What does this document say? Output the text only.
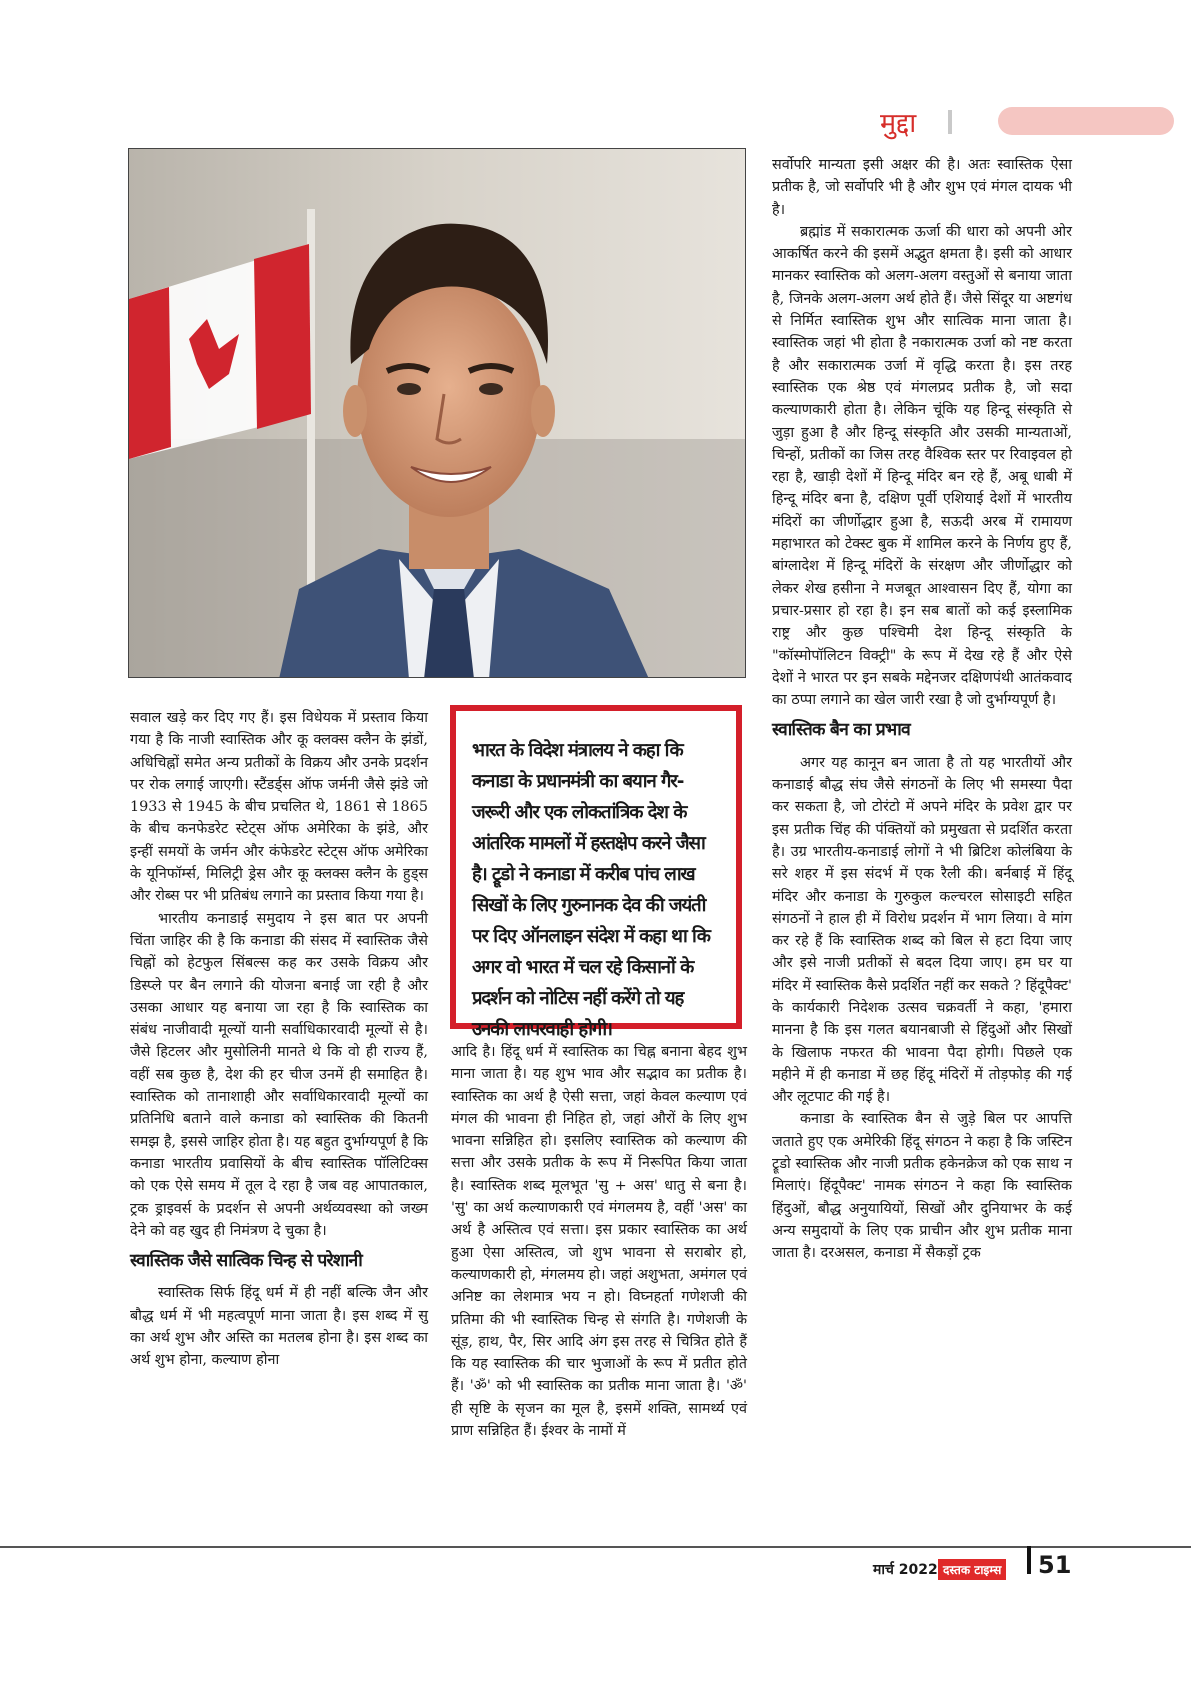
मुद्दा

सवाल खड़े कर दिए गए हैं। इस विधेयक में प्रस्ताव किया गया है कि नाजी स्वास्तिक और कू क्लक्स क्लैन के झंडों, अधिचिह्नों समेत अन्य प्रतीकों के विक्रय और उनके प्रदर्शन पर रोक लगाई जाएगी। स्टैंडर्ड्स ऑफ जर्मनी जैसे झंडे जो 1933 से 1945 के बीच प्रचलित थे, 1861 से 1865 के बीच कनफेडरेट स्टेट्स ऑफ अमेरिका के झंडे, और इन्हीं समयों के जर्मन और कंफेडरेट स्टेट्स ऑफ अमेरिका के यूनिफॉर्म्स, मिलिट्री ड्रेस और कू क्लक्स क्लैन के हुड्स और रोब्स पर भी प्रतिबंध लगाने का प्रस्ताव किया गया है।

भारतीय कनाडाई समुदाय ने इस बात पर अपनी चिंता जाहिर की है कि कनाडा की संसद में स्वास्तिक जैसे चिह्नों को हेटफुल सिंबल्स कह कर उसके विक्रय और डिस्प्ले पर बैन लगाने की योजना बनाई जा रही है और उसका आधार यह बनाया जा रहा है कि स्वास्तिक का संबंध नाजीवादी मूल्यों यानी सर्वाधिकारवादी मूल्यों से है। जैसे हिटलर और मुसोलिनी मानते थे कि वो ही राज्य हैं, वहीं सब कुछ है, देश की हर चीज उनमें ही समाहित है। स्वास्तिक को तानाशाही और सर्वाधिकारवादी मूल्यों का प्रतिनिधि बताने वाले कनाडा को स्वास्तिक की कितनी समझ है, इससे जाहिर होता है। यह बहुत दुर्भाग्यपूर्ण है कि कनाडा भारतीय प्रवासियों के बीच स्वास्तिक पॉलिटिक्स को एक ऐसे समय में तूल दे रहा है जब वह आपातकाल, ट्रक ड्राइवर्स के प्रदर्शन से अपनी अर्थव्यवस्था को जख्म देने को वह खुद ही निमंत्रण दे चुका है।

स्वास्तिक जैसे सात्विक चिन्ह से परेशानी

स्वास्तिक सिर्फ हिंदू धर्म में ही नहीं बल्कि जैन और बौद्ध धर्म में भी महत्वपूर्ण माना जाता है। इस शब्द में सु का अर्थ शुभ और अस्ति का मतलब होना है। इस शब्द का अर्थ शुभ होना, कल्याण होना

भारत के विदेश मंत्रालय ने कहा कि कनाडा के प्रधानमंत्री का बयान गैर-जरूरी और एक लोकतांत्रिक देश के आंतरिक मामलों में हस्तक्षेप करने जैसा है। ट्रूडो ने कनाडा में करीब पांच लाख सिखों के लिए गुरुनानक देव की जयंती पर दिए ऑनलाइन संदेश में कहा था कि अगर वो भारत में चल रहे किसानों के प्रदर्शन को नोटिस नहीं करेंगे तो यह उनकी लापरवाही होगी।

आदि है। हिंदू धर्म में स्वास्तिक का चिह्न बनाना बेहद शुभ माना जाता है। यह शुभ भाव और सद्भाव का प्रतीक है। स्वास्तिक का अर्थ है ऐसी सत्ता, जहां केवल कल्याण एवं मंगल की भावना ही निहित हो, जहां औरों के लिए शुभ भावना सन्निहित हो। इसलिए स्वास्तिक को कल्याण की सत्ता और उसके प्रतीक के रूप में निरूपित किया जाता है। स्वास्तिक शब्द मूलभूत 'सु + अस' धातु से बना है। 'सु' का अर्थ कल्याणकारी एवं मंगलमय है, वहीं 'अस' का अर्थ है अस्तित्व एवं सत्ता। इस प्रकार स्वास्तिक का अर्थ हुआ ऐसा अस्तित्व, जो शुभ भावना से सराबोर हो, कल्याणकारी हो, मंगलमय हो। जहां अशुभता, अमंगल एवं अनिष्ट का लेशमात्र भय न हो। विघ्नहर्ता गणेशजी की प्रतिमा की भी स्वास्तिक चिन्ह से संगति है। गणेशजी के सूंड़, हाथ, पैर, सिर आदि अंग इस तरह से चित्रित होते हैं कि यह स्वास्तिक की चार भुजाओं के रूप में प्रतीत होते हैं। 'ॐ' को भी स्वास्तिक का प्रतीक माना जाता है। 'ॐ' ही सृष्टि के सृजन का मूल है, इसमें शक्ति, सामर्थ्य एवं प्राण सन्निहित हैं। ईश्वर के नामों में

सर्वोपरि मान्यता इसी अक्षर की है। अतः स्वास्तिक ऐसा प्रतीक है, जो सर्वोपरि भी है और शुभ एवं मंगल दायक भी है।

ब्रह्मांड में सकारात्मक ऊर्जा की धारा को अपनी ओर आकर्षित करने की इसमें अद्भुत क्षमता है। इसी को आधार मानकर स्वास्तिक को अलग-अलग वस्तुओं से बनाया जाता है, जिनके अलग-अलग अर्थ होते हैं। जैसे सिंदूर या अष्टगंध से निर्मित स्वास्तिक शुभ और सात्विक माना जाता है। स्वास्तिक जहां भी होता है नकारात्मक उर्जा को नष्ट करता है और सकारात्मक उर्जा में वृद्धि करता है। इस तरह स्वास्तिक एक श्रेष्ठ एवं मंगलप्रद प्रतीक है, जो सदा कल्याणकारी होता है। लेकिन चूंकि यह हिन्दू संस्कृति से जुड़ा हुआ है और हिन्दू संस्कृति और उसकी मान्यताओं, चिन्हों, प्रतीकों का जिस तरह वैश्विक स्तर पर रिवाइवल हो रहा है, खाड़ी देशों में हिन्दू मंदिर बन रहे हैं, अबू धाबी में हिन्दू मंदिर बना है, दक्षिण पूर्वी एशियाई देशों में भारतीय मंदिरों का जीर्णोद्धार हुआ है, सऊदी अरब में रामायण महाभारत को टेक्स्ट बुक में शामिल करने के निर्णय हुए हैं, बांग्लादेश में हिन्दू मंदिरों के संरक्षण और जीर्णोद्धार को लेकर शेख हसीना ने मजबूत आश्वासन दिए हैं, योगा का प्रचार-प्रसार हो रहा है। इन सब बातों को कई इस्लामिक राष्ट्र और कुछ पश्चिमी देश हिन्दू संस्कृति के "कॉस्मोपॉलिटन विक्ट्री" के रूप में देख रहे हैं और ऐसे देशों ने भारत पर इन सबके मद्देनजर दक्षिणपंथी आतंकवाद का ठप्पा लगाने का खेल जारी रखा है जो दुर्भाग्यपूर्ण है।

स्वास्तिक बैन का प्रभाव

अगर यह कानून बन जाता है तो यह भारतीयों और कनाडाई बौद्ध संघ जैसे संगठनों के लिए भी समस्या पैदा कर सकता है, जो टोरंटो में अपने मंदिर के प्रवेश द्वार पर इस प्रतीक चिंह की पंक्तियों को प्रमुखता से प्रदर्शित करता है। उग्र भारतीय-कनाडाई लोगों ने भी ब्रिटिश कोलंबिया के सरे शहर में इस संदर्भ में एक रैली की। बर्नबाई में हिंदू मंदिर और कनाडा के गुरुकुल कल्चरल सोसाइटी सहित संगठनों ने हाल ही में विरोध प्रदर्शन में भाग लिया। वे मांग कर रहे हैं कि स्वास्तिक शब्द को बिल से हटा दिया जाए और इसे नाजी प्रतीकों से बदल दिया जाए। हम घर या मंदिर में स्वास्तिक कैसे प्रदर्शित नहीं कर सकते ? हिंदूपैक्ट' के कार्यकारी निदेशक उत्सव चक्रवर्ती ने कहा, 'हमारा मानना है कि इस गलत बयानबाजी से हिंदुओं और सिखों के खिलाफ नफरत की भावना पैदा होगी। पिछले एक महीने में ही कनाडा में छह हिंदू मंदिरों में तोड़फोड़ की गई और लूटपाट की गई है।

कनाडा के स्वास्तिक बैन से जुड़े बिल पर आपत्ति जताते हुए एक अमेरिकी हिंदू संगठन ने कहा है कि जस्टिन ट्रूडो स्वास्तिक और नाजी प्रतीक हकेनक्रेज को एक साथ न मिलाएं। हिंदूपैक्ट' नामक संगठन ने कहा कि स्वास्तिक हिंदुओं, बौद्ध अनुयायियों, सिखों और दुनियाभर के कई अन्य समुदायों के लिए एक प्राचीन और शुभ प्रतीक माना जाता है। दरअसल, कनाडा में सैकड़ों ट्रक

मार्च 2022 दस्तक टाइम्स 51
